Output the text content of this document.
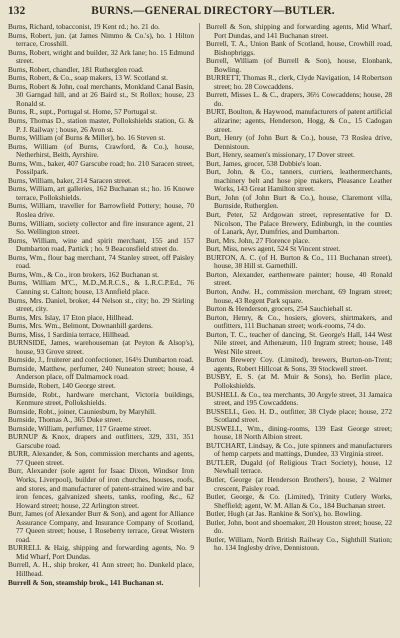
132	BURNS.—GENERAL DIRECTORY—BUTLER.

Burns, Richard, tobacconist, 19 Kent rd.; ho. 21 do.

Burns, Robert, jun. (at James Nimmo & Co.'s), ho. 1 Hilton terrace, Crosshill.

Burns, Robert, wright and builder, 32 Ark lane; ho. 15 Edmund street.

Burns, Robert, chandler, 181 Rutherglen road.

Burns, Robert, & Co., soap makers, 13 W. Scotland st.

Burns, Robert & John, coal merchants, Monkland Canal Basin, 30 Garngad hill, and at 26 Baird st., St Rollox; house, 23 Ronald st.

Burns, R., supt., Portugal st. Home, 57 Portugal st.

Burns, Thomas D., station master, Pollokshields station, G. & P. J. Railway ; house, 26 Avon st.

Burns, William (of Burns & Miller), ho. 16 Steven st.

Burns, William (of Burns, Crawford, & Co.), house, Netherhirst, Beith, Ayrshire.

Burns, Wm., baker, 407 Garscube road; ho. 210 Saracen street, Possilpark.

Burns, William, baker, 214 Saracen street.

Burns, William, art galleries, 162 Buchanan st.; ho. 16 Knowe terrace, Pollokshields.

Burns, William, traveller for Barrowfield Pottery; house, 70 Roslea drive.

Burns, William, society collector and fire insurance agent, 21 So. Wellington street.

Burns, William, wine and spirit merchant, 155 and 157 Dumbarton road, Partick ; ho. 9 Beaconsfield street do.

Burns, Wm., flour bag merchant, 74 Stanley street, off Paisley road.

Burns, Wm., & Co., iron brokers, 162 Buchanan st.

Burns, William M'C., M.D.,M.R.C.S., & L.R.C.P.Ed., 76 Canning st. Calton; house, 13 Annfield place.

Burns, Mrs. Daniel, broker, 44 Nelson st., city; ho. 29 Stirling street, city.

Burns, Mrs. Islay, 17 Eton place, Hillhead.

Burns, Mrs. Wm., Belmont, Downanhill gardens.

Burns, Miss, 1 Sardinia terrace, Hillhead.

BURNSIDE, James, warehouseman (at Peyton & Alsop's), house, 93 Grove street.

Burnside, J., fruiterer and confectioner, 164½ Dumbarton road.

Burnside, Matthew, perfumer, 240 Nuneaton street; house, 4 Anderson place, off Dalmarnock road.

Burnside, Robert, 140 George street.

Burnside, Robt., hardware merchant, Victoria buildings, Kenmure street, Pollokshields.

Burnside, Robt., joiner, Cauniesburn, by Maryhill.

Burnside, Thomas A., 365 Duke street.

Burnside, William, perfumer, 117 Graeme street.

BURNUP & Knox, drapers and outfitters, 329, 331, 351 Garscube road.

BURR, Alexander, & Son, commission merchants and agents, 77 Queen street.

Burr, Alexander (sole agent for Isaac Dixon, Windsor Iron Works, Liverpool), builder of iron churches, houses, roofs, and stores, and manufacturer of patent-strained wire and bar iron fences, galvanized sheets, tanks, roofing, &c., 62 Howard street; house, 22 Arlington street.

Burr, James (of Alexander Burr & Son), and agent for Alliance Assurance Company, and Insurance Company of Scotland, 77 Queen street; house, 1 Roseberry terrace, Great Western road.

BURRELL & Haig, shipping and forwarding agents, No. 9 Mid Wharf, Port Dundas.

Burrell, A. H., ship broker, 41 Ann street; ho. Dunkeld place, Hillhead.

Burrell & Son, steamship brok., 141 Buchanan st.

Burrell & Son, shipping and forwarding agents, Mid Wharf, Port Dundas, and 141 Buchanan street.

Burrell, T. A., Union Bank of Scotland, house, Crowhill road, Bishopbriggs.

Burrell, William (of Burrell & Son), house, Elonbank, Bowling.

BURRETT, Thomas R., clerk, Clyde Navigation, 14 Robertson street; ho. 28 Cowcaddens.

Burrett, Misses L. & C., drapers, 36½ Cowcaddens; house, 28 do.

BURT, Boulton, & Haywood, manufacturers of patent artificial alizarine; agents, Henderson, Hogg, & Co., 15 Cadogan street.

Burt, Henry (of John Burt & Co.), house, 73 Roslea drive, Dennistoun.

Burt, Henry, seamen's missionary, 17 Dover street.

Burt, James, grocer, 538 Dobbie's loan.

Burt, John, & Co., tanners, curriers, leathermerchants, machinery belt and hose pipe makers, Pleasance Leather Works, 143 Great Hamilton street.

Burt, John (of John Burt & Co.), house, Claremont villa, Burnside, Rutherglen.

Burt, Peter, 52 Ardgowan street, representative for D. Nicolson, The Palace Brewery, Edinburgh, in the counties of Lanark, Ayr, Dumfries, and Dumbarton.

Burt, Mrs. John, 27 Florence place.

Burt, Miss, news agent, 524 St Vincent street.

BURTON, A. C. (of H. Burton & Co., 111 Buchanan street), house, 38 Hill st. Garnethill.

Burton, Alexander, earthenware painter; house, 40 Ronald street.

Burton, Andw. H., commission merchant, 69 Ingram street; house, 43 Regent Park square.

Burton & Henderson, grocers, 254 Sauchiehall st.

Burton, Henry, & Co., hosiers, glovers, shirtmakers, and outfitters, 111 Buchanan street; work-rooms, 74 do.

Burton, T. C., teacher of dancing, St. George's Hall, 144 West Nile street, and Athenæum, 110 Ingram street; house, 148 West Nile street.

Burton Brewery Coy. (Limited), brewers, Burton-on-Trent; agents, Robert Hillcoat & Sons, 39 Stockwell street.

BUSBY, E. S. (at M. Muir & Sons), ho. Berlin place, Pollokshields.

BUSHELL & Co., tea merchants, 30 Argyle street, 31 Jamaica street, and 195 Cowcaddens.

BUSSELL, Geo. H. D., outfitter, 38 Clyde place; house, 272 Scotland street.

BUSWELL, Wm., dining-rooms, 139 East George street; house, 18 North Albion street.

BUTCHART, Lindsay, & Co., jute spinners and manufacturers of hemp carpets and mattings, Dundee, 33 Virginia street.

BUTLER, Dugald (of Religious Tract Society), house, 12 Newhall terrace.

Butler, George (at Henderson Brothers'), house, 2 Walmer crescent, Paisley road.

Butler, George, & Co. (Limited), Trinity Cutlery Works, Sheffield; agent, W. M. Allan & Co., 184 Buchanan street.

Butler, Hugh (at Jas. Rankine & Son's), ho. Bowling.

Butler, John, boot and shoemaker, 20 Houston street; house, 22 do.

Butler, William, North British Railway Co., Sighthill Station; ho. 134 Inglesby drive, Dennistoun.
